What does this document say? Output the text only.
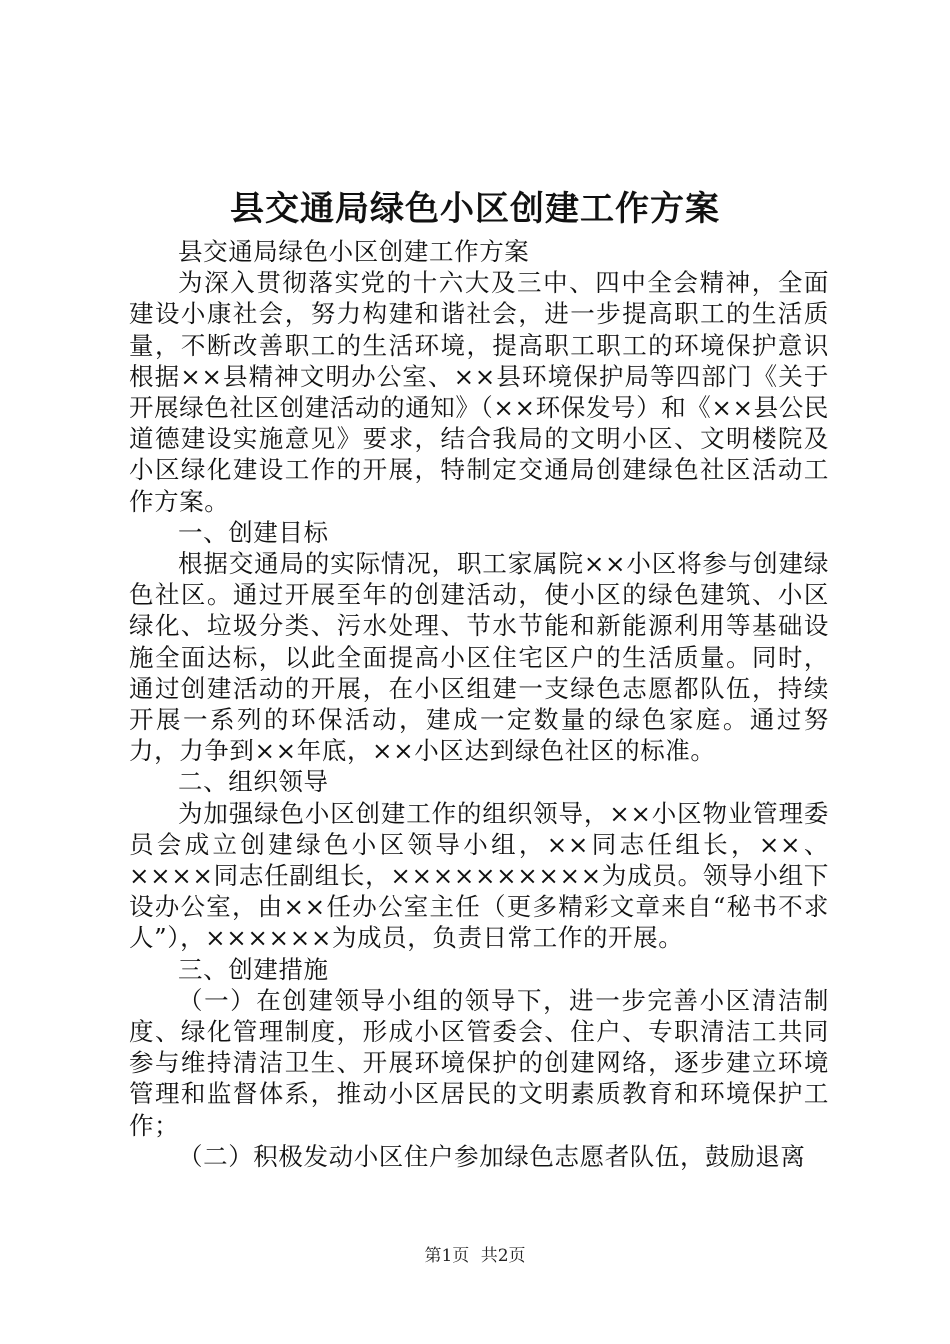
县交通局绿色小区创建工作方案

县交通局绿色小区创建工作方案

为深入贯彻落实党的十六大及三中、四中全会精神，全面建设小康社会，努力构建和谐社会，进一步提高职工的生活质量，不断改善职工的生活环境，提高职工职工的环境保护意识根据××县精神文明办公室、××县环境保护局等四部门《关于开展绿色社区创建活动的通知》（××环保发号）和《××县公民道德建设实施意见》要求，结合我局的文明小区、文明楼院及小区绿化建设工作的开展，特制定交通局创建绿色社区活动工作方案。

一、创建目标

根据交通局的实际情况，职工家属院××小区将参与创建绿色社区。通过开展至年的创建活动，使小区的绿色建筑、小区绿化、垃圾分类、污水处理、节水节能和新能源利用等基础设施全面达标，以此全面提高小区住宅区户的生活质量。同时，通过创建活动的开展，在小区组建一支绿色志愿都队伍，持续开展一系列的环保活动，建成一定数量的绿色家庭。通过努力，力争到××年底，××小区达到绿色社区的标准。

二、组织领导

为加强绿色小区创建工作的组织领导，××小区物业管理委员会成立创建绿色小区领导小组，××同志任组长，××、××××同志任副组长，××××××××××为成员。领导小组下设办公室，由××任办公室主任（更多精彩文章来自“秘书不求人”），××××××为成员，负责日常工作的开展。

三、创建措施

（一）在创建领导小组的领导下，进一步完善小区清洁制度、绿化管理制度，形成小区管委会、住户、专职清洁工共同参与维持清洁卫生、开展环境保护的创建网络，逐步建立环境管理和监督体系，推动小区居民的文明素质教育和环境保护工作；

（二）积极发动小区住户参加绿色志愿者队伍，鼓励退离

第1页 共2页
